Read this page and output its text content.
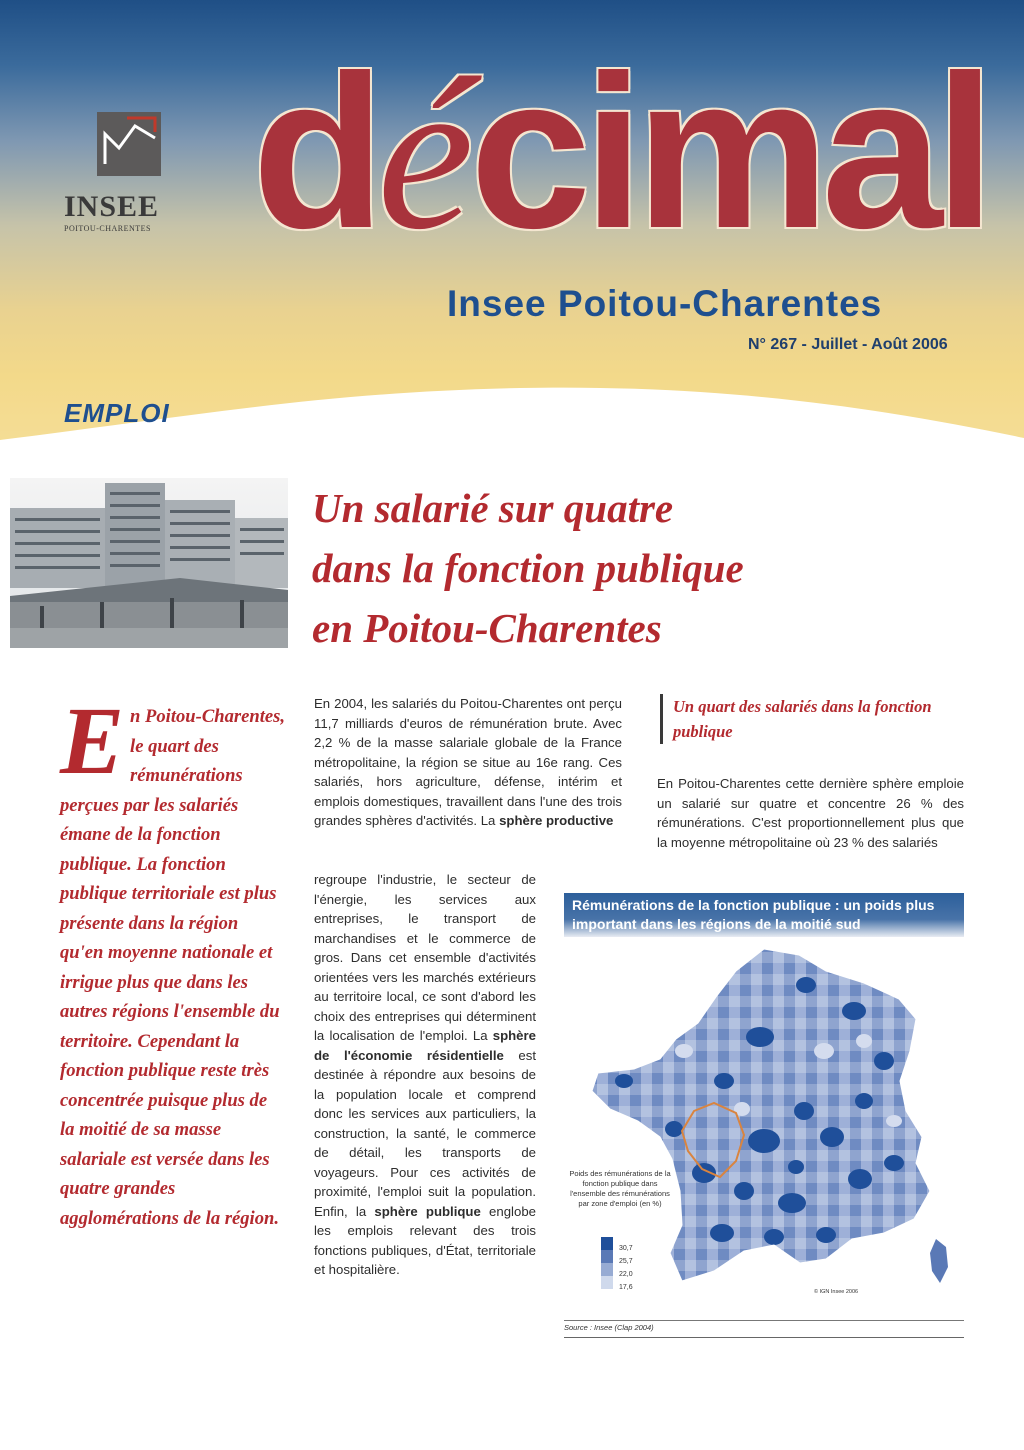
INSEE
POITOU-CHARENTES décimal
Insee Poitou-Charentes
N° 267 - Juillet - Août 2006
EMPLOI
Un salarié sur quatre
dans la fonction publique
en Poitou-Charentes
En Poitou-Charentes, le quart des rémunérations perçues par les salariés émane de la fonction publique. La fonction publique territoriale est plus présente dans la région qu'en moyenne nationale et irrigue plus que dans les autres régions l'ensemble du territoire. Cependant la fonction publique reste très concentrée puisque plus de la moitié de sa masse salariale est versée dans les quatre grandes agglomérations de la région.
En 2004, les salariés du Poitou-Charentes ont perçu 11,7 milliards d'euros de rémunération brute. Avec 2,2 % de la masse salariale globale de la France métropolitaine, la région se situe au 16e rang. Ces salariés, hors agriculture, défense, intérim et emplois domestiques, travaillent dans l'une des trois grandes sphères d'activités. La sphère productive
regroupe l'industrie, le secteur de l'énergie, les services aux entreprises, le transport de marchandises et le commerce de gros. Dans cet ensemble d'activités orientées vers les marchés extérieurs au territoire local, ce sont d'abord les choix des entreprises qui déterminent la localisation de l'emploi. La sphère de l'économie résidentielle est destinée à répondre aux besoins de la population locale et comprend donc les services aux particuliers, la construction, la santé, le commerce de détail, les transports de voyageurs. Pour ces activités de proximité, l'emploi suit la population. Enfin, la sphère publique englobe les emplois relevant des trois fonctions publiques, d'État, territoriale et hospitalière.
Un quart des salariés dans la fonction publique
En Poitou-Charentes cette dernière sphère emploie un salarié sur quatre et concentre 26 % des rémunérations. C'est proportionnellement plus que la moyenne métropolitaine où 23 % des salariés
Rémunérations de la fonction publique : un poids plus important dans les régions de la moitié sud
Poids des rémunérations de la fonction publique dans l'ensemble des rémunérations par zone d'emploi (en %)
30,7
25,7
22,0
17,6
© IGN Insee 2006
Source : Insee (Clap 2004)
